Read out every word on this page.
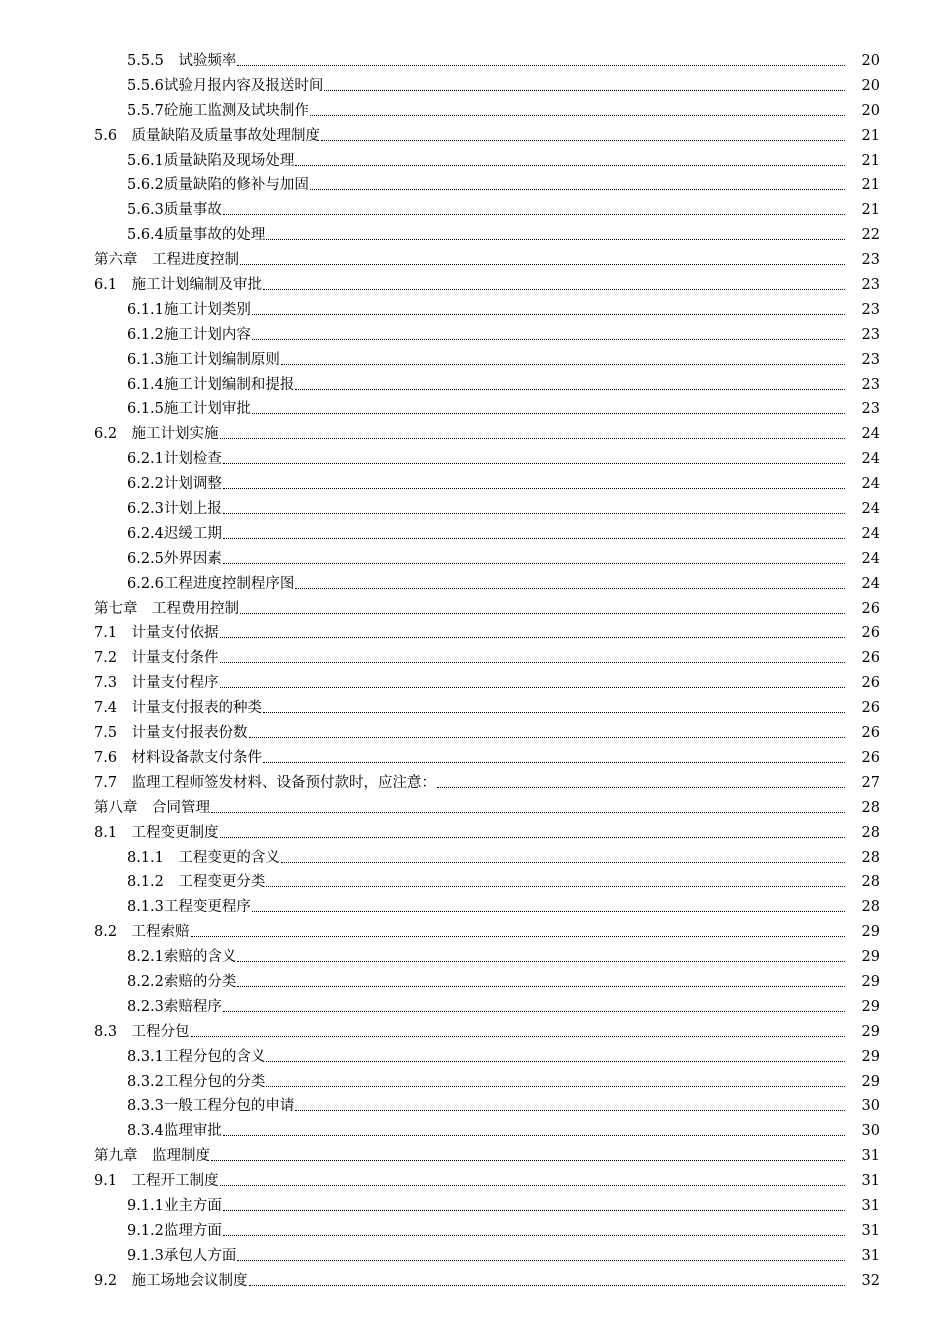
5.5.5　试验频率	20
5.5.6试验月报内容及报送时间	20
5.5.7砼施工监测及试块制作	20
5.6　质量缺陷及质量事故处理制度	21
5.6.1质量缺陷及现场处理	21
5.6.2质量缺陷的修补与加固	21
5.6.3质量事故	21
5.6.4质量事故的处理	22
第六章　工程进度控制	23
6.1　施工计划编制及审批	23
6.1.1施工计划类别	23
6.1.2施工计划内容	23
6.1.3施工计划编制原则	23
6.1.4施工计划编制和提报	23
6.1.5施工计划审批	23
6.2　施工计划实施	24
6.2.1计划检查	24
6.2.2计划调整	24
6.2.3计划上报	24
6.2.4迟缓工期	24
6.2.5外界因素	24
6.2.6工程进度控制程序图	24
第七章　工程费用控制	26
7.1　计量支付依据	26
7.2　计量支付条件	26
7.3　计量支付程序	26
7.4　计量支付报表的种类	26
7.5　计量支付报表份数	26
7.6　材料设备款支付条件	26
7.7　监理工程师签发材料、设备预付款时，应注意：	27
第八章　合同管理	28
8.1　工程变更制度	28
8.1.1　工程变更的含义	28
8.1.2　工程变更分类	28
8.1.3工程变更程序	28
8.2　工程索赔	29
8.2.1索赔的含义	29
8.2.2索赔的分类	29
8.2.3索赔程序	29
8.3　工程分包	29
8.3.1工程分包的含义	29
8.3.2工程分包的分类	29
8.3.3一般工程分包的申请	30
8.3.4监理审批	30
第九章　监理制度	31
9.1　工程开工制度	31
9.1.1业主方面	31
9.1.2监理方面	31
9.1.3承包人方面	31
9.2　施工场地会议制度	32
